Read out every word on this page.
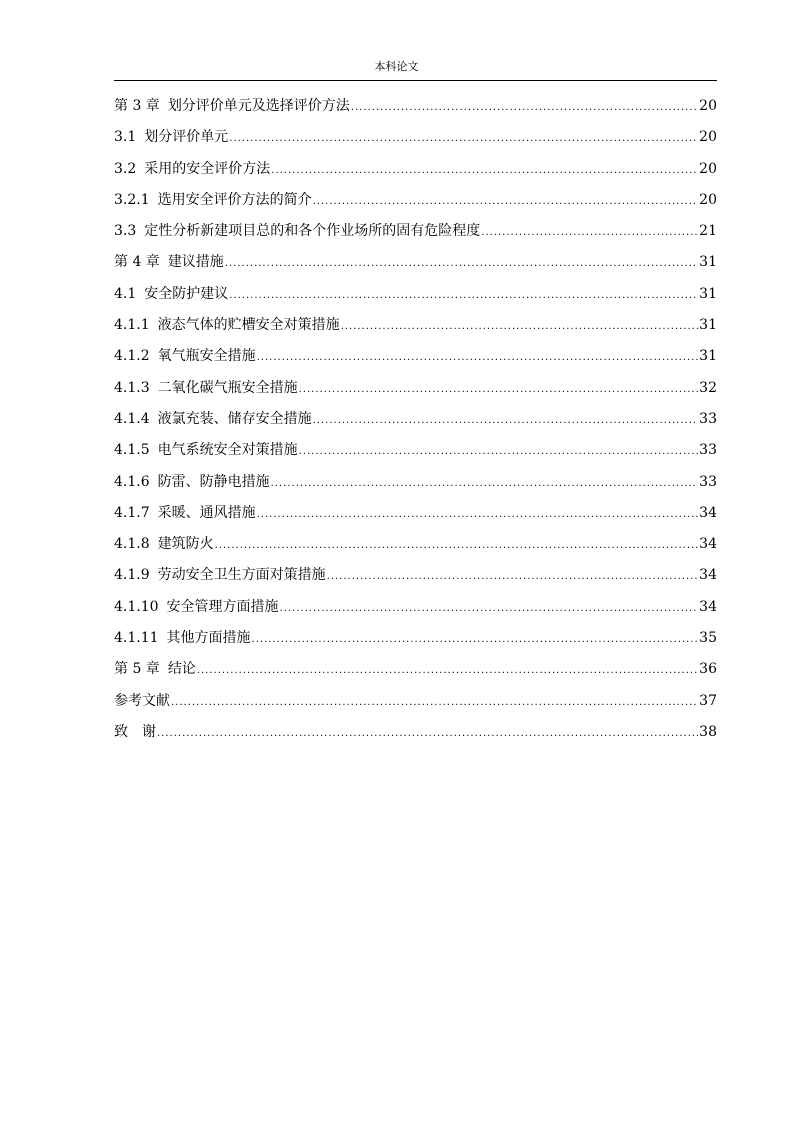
本科论文
第 3 章 划分评价单元及选择评价方法 .....	20
3.1 划分评价单元 .....	20
3.2 采用的安全评价方法 .....	20
3.2.1 选用安全评价方法的简介 .....	20
3.3 定性分析新建项目总的和各个作业场所的固有危险程度 .....	21
第 4 章 建议措施 .....	31
4.1 安全防护建议 .....	31
4.1.1 液态气体的贮槽安全对策措施 .....	31
4.1.2 氧气瓶安全措施 .....	31
4.1.3 二氧化碳气瓶安全措施 .....	32
4.1.4 液氯充装、储存安全措施 .....	33
4.1.5 电气系统安全对策措施 .....	33
4.1.6 防雷、防静电措施 .....	33
4.1.7 采暖、通风措施 .....	34
4.1.8 建筑防火 .....	34
4.1.9 劳动安全卫生方面对策措施 .....	34
4.1.10 安全管理方面措施 .....	34
4.1.11 其他方面措施 .....	35
第 5 章 结论 .....	36
参考文献 .....	37
致　谢 .....	38
